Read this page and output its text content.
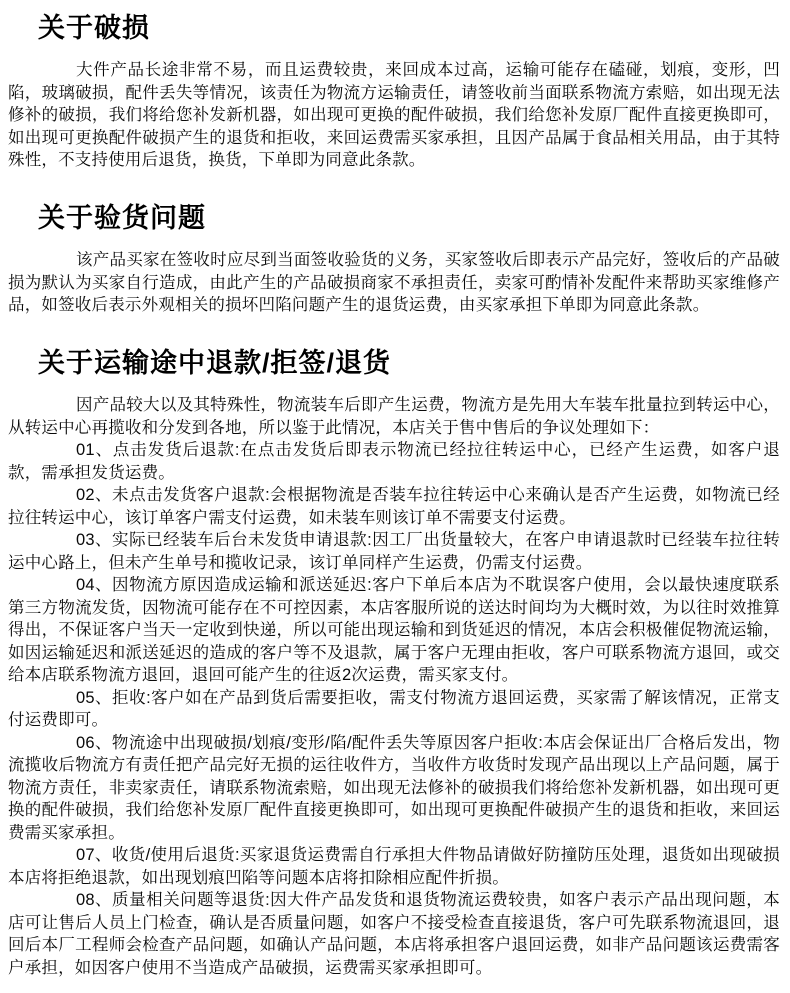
关于破损

大件产品长途非常不易，而且运费较贵，来回成本过高，运输可能存在磕碰，划痕，变形，凹陷，玻璃破损，配件丢失等情况，该责任为物流方运输责任，请签收前当面联系物流方索赔，如出现无法修补的破损，我们将给您补发新机器，如出现可更换的配件破损，我们给您补发原厂配件直接更换即可，如出现可更换配件破损产生的退货和拒收，来回运费需买家承担，且因产品属于食品相关用品，由于其特殊性，不支持使用后退货，换货，下单即为同意此条款。

关于验货问题

该产品买家在签收时应尽到当面签收验货的义务，买家签收后即表示产品完好，签收后的产品破损为默认为买家自行造成，由此产生的产品破损商家不承担责任，卖家可酌情补发配件来帮助买家维修产品，如签收后表示外观相关的损坏凹陷问题产生的退货运费，由买家承担下单即为同意此条款。

关于运输途中退款/拒签/退货

因产品较大以及其特殊性，物流装车后即产生运费，物流方是先用大车装车批量拉到转运中心，从转运中心再揽收和分发到各地，所以鉴于此情况，本店关于售中售后的争议处理如下：

01、点击发货后退款:在点击发货后即表示物流已经拉往转运中心，已经产生运费，如客户退款，需承担发货运费。

02、未点击发货客户退款:会根据物流是否装车拉往转运中心来确认是否产生运费，如物流已经拉往转运中心，该订单客户需支付运费，如未装车则该订单不需要支付运费。

03、实际已经装车后台未发货申请退款:因工厂出货量较大，在客户申请退款时已经装车拉往转运中心路上，但未产生单号和揽收记录，该订单同样产生运费，仍需支付运费。

04、因物流方原因造成运输和派送延迟:客户下单后本店为不耽误客户使用，会以最快速度联系第三方物流发货，因物流可能存在不可控因素，本店客服所说的送达时间均为大概时效，为以往时效推算得出，不保证客户当天一定收到快递，所以可能出现运输和到货延迟的情况，本店会积极催促物流运输，如因运输延迟和派送延迟的造成的客户等不及退款，属于客户无理由拒收，客户可联系物流方退回，或交给本店联系物流方退回，退回可能产生的往返2次运费，需买家支付。

05、拒收:客户如在产品到货后需要拒收，需支付物流方退回运费，买家需了解该情况，正常支付运费即可。

06、物流途中出现破损/划痕/变形/陷/配件丢失等原因客户拒收:本店会保证出厂合格后发出，物流揽收后物流方有责任把产品完好无损的运往收件方，当收件方收货时发现产品出现以上产品问题，属于物流方责任，非卖家责任，请联系物流索赔，如出现无法修补的破损我们将给您补发新机器，如出现可更换的配件破损，我们给您补发原厂配件直接更换即可，如出现可更换配件破损产生的退货和拒收，来回运费需买家承担。

07、收货/使用后退货:买家退货运费需自行承担大件物品请做好防撞防压处理，退货如出现破损本店将拒绝退款，如出现划痕凹陷等问题本店将扣除相应配件折损。

08、质量相关问题等退货:因大件产品发货和退货物流运费较贵，如客户表示产品出现问题，本店可让售后人员上门检查，确认是否质量问题，如客户不接受检查直接退货，客户可先联系物流退回，退回后本厂工程师会检查产品问题，如确认产品问题，本店将承担客户退回运费，如非产品问题该运费需客户承担，如因客户使用不当造成产品破损，运费需买家承担即可。
